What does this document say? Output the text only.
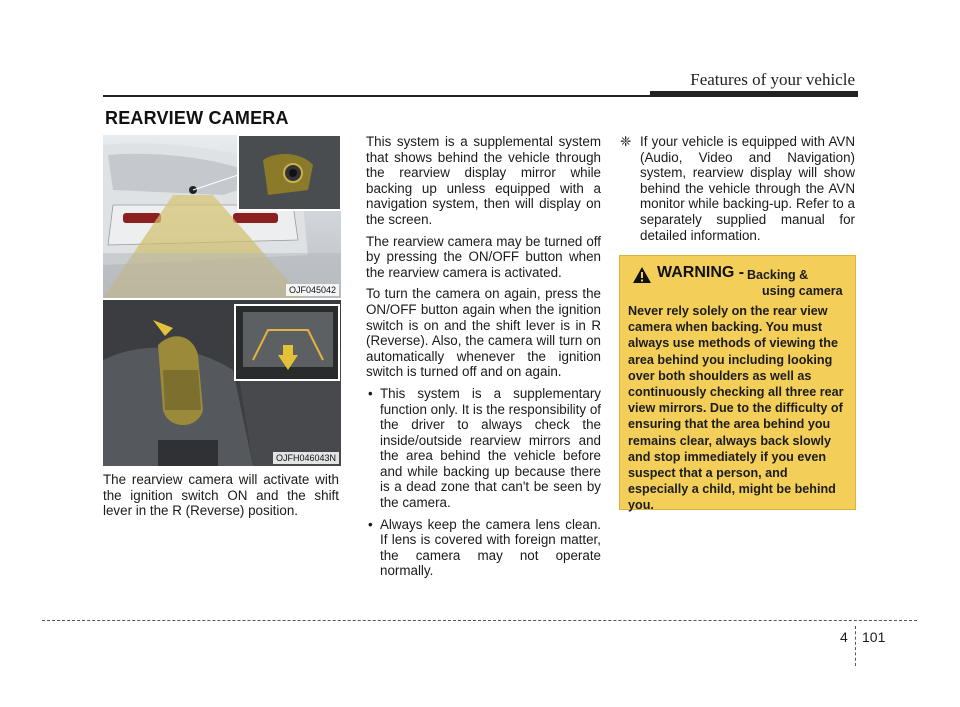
Features of your vehicle
REARVIEW CAMERA
OJF045042
OJFH046043N

The rearview camera will activate with the ignition switch ON and the shift lever in the R (Reverse) position.

This system is a supplemental system that shows behind the vehicle through the rearview display mirror while backing up unless equipped with a navigation system, then will display on the screen.

The rearview camera may be turned off by pressing the ON/OFF button when the rearview camera is activated.

To turn the camera on again, press the ON/OFF button again when the ignition switch is on and the shift lever is in R (Reverse). Also, the camera will turn on automatically whenever the ignition switch is turned off and on again.

• This system is a supplementary function only. It is the responsibility of the driver to always check the inside/outside rearview mirrors and the area behind the vehicle before and while backing up because there is a dead zone that can't be seen by the camera.
• Always keep the camera lens clean. If lens is covered with foreign matter, the camera may not operate normally.
❈ If your vehicle is equipped with AVN (Audio, Video and Navigation) system, rearview display will show behind the vehicle through the AVN monitor while backing-up. Refer to a separately supplied manual for detailed information.
WARNING - Backing &
using camera
Never rely solely on the rear view camera when backing. You must always use methods of viewing the area behind you including looking over both shoulders as well as continuously checking all three rear view mirrors. Due to the difficulty of ensuring that the area behind you remains clear, always back slowly and stop immediately if you even suspect that a person, and especially a child, might be behind you.
4 101
